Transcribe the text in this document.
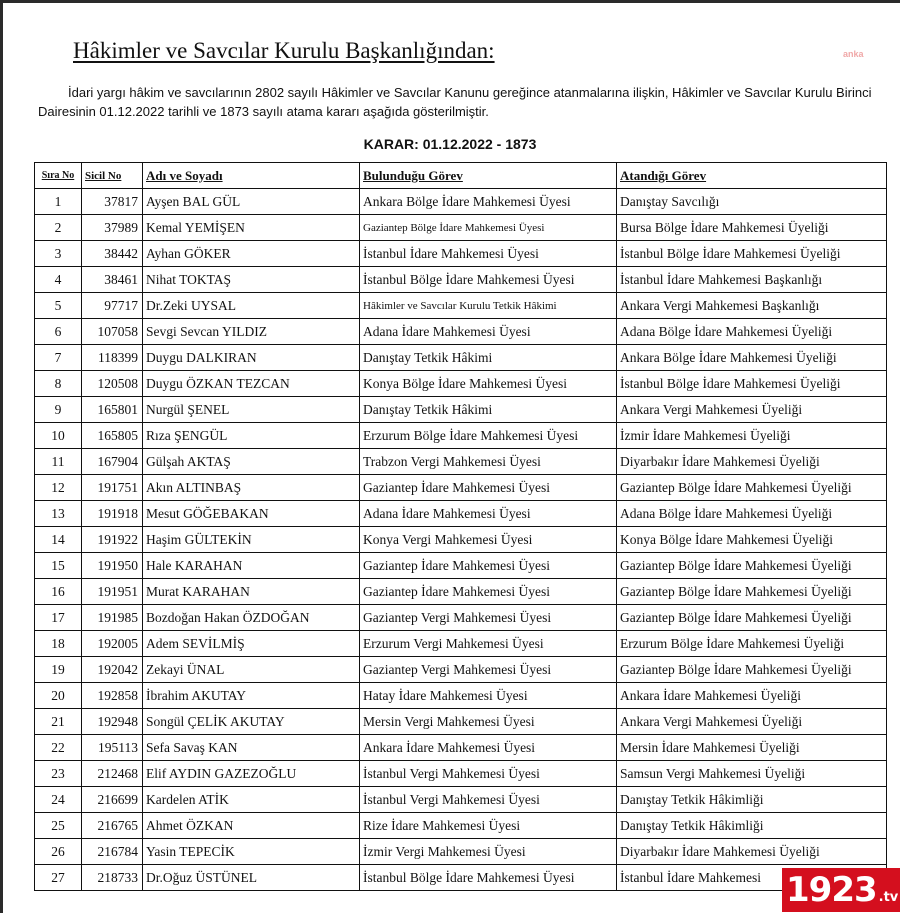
Hâkimler ve Savcılar Kurulu Başkanlığından:	anka
İdari yargı hâkim ve savcılarının 2802 sayılı Hâkimler ve Savcılar Kanunu gereğince atanmalarına ilişkin, Hâkimler ve Savcılar Kurulu Birinci Dairesinin 01.12.2022 tarihli ve 1873 sayılı atama kararı aşağıda gösterilmiştir.
KARAR: 01.12.2022 - 1873
Sıra No	Sicil No	Adı ve Soyadı	Bulunduğu Görev	Atandığı Görev
1	37817	Ayşen BAL GÜL	Ankara Bölge İdare Mahkemesi Üyesi	Danıştay Savcılığı
2	37989	Kemal YEMİŞEN	Gaziantep Bölge İdare Mahkemesi Üyesi	Bursa Bölge İdare Mahkemesi Üyeliği
3	38442	Ayhan GÖKER	İstanbul İdare Mahkemesi Üyesi	İstanbul Bölge İdare Mahkemesi Üyeliği
4	38461	Nihat TOKTAŞ	İstanbul Bölge İdare Mahkemesi Üyesi	İstanbul İdare Mahkemesi Başkanlığı
5	97717	Dr.Zeki UYSAL	Hâkimler ve Savcılar Kurulu Tetkik Hâkimi	Ankara Vergi Mahkemesi Başkanlığı
6	107058	Sevgi Sevcan YILDIZ	Adana İdare Mahkemesi Üyesi	Adana Bölge İdare Mahkemesi Üyeliği
7	118399	Duygu DALKIRAN	Danıştay Tetkik Hâkimi	Ankara Bölge İdare Mahkemesi Üyeliği
8	120508	Duygu ÖZKAN TEZCAN	Konya Bölge İdare Mahkemesi Üyesi	İstanbul Bölge İdare Mahkemesi Üyeliği
9	165801	Nurgül ŞENEL	Danıştay Tetkik Hâkimi	Ankara Vergi Mahkemesi Üyeliği
10	165805	Rıza ŞENGÜL	Erzurum Bölge İdare Mahkemesi Üyesi	İzmir İdare Mahkemesi Üyeliği
11	167904	Gülşah AKTAŞ	Trabzon Vergi Mahkemesi Üyesi	Diyarbakır İdare Mahkemesi Üyeliği
12	191751	Akın ALTINBAŞ	Gaziantep İdare Mahkemesi Üyesi	Gaziantep Bölge İdare Mahkemesi Üyeliği
13	191918	Mesut GÖĞEBAKAN	Adana İdare Mahkemesi Üyesi	Adana Bölge İdare Mahkemesi Üyeliği
14	191922	Haşim GÜLTEKİN	Konya Vergi Mahkemesi Üyesi	Konya Bölge İdare Mahkemesi Üyeliği
15	191950	Hale KARAHAN	Gaziantep İdare Mahkemesi Üyesi	Gaziantep Bölge İdare Mahkemesi Üyeliği
16	191951	Murat KARAHAN	Gaziantep İdare Mahkemesi Üyesi	Gaziantep Bölge İdare Mahkemesi Üyeliği
17	191985	Bozdoğan Hakan ÖZDOĞAN	Gaziantep Vergi Mahkemesi Üyesi	Gaziantep Bölge İdare Mahkemesi Üyeliği
18	192005	Adem SEVİLMİŞ	Erzurum Vergi Mahkemesi Üyesi	Erzurum Bölge İdare Mahkemesi Üyeliği
19	192042	Zekayi ÜNAL	Gaziantep Vergi Mahkemesi Üyesi	Gaziantep Bölge İdare Mahkemesi Üyeliği
20	192858	İbrahim AKUTAY	Hatay İdare Mahkemesi Üyesi	Ankara İdare Mahkemesi Üyeliği
21	192948	Songül ÇELİK AKUTAY	Mersin Vergi Mahkemesi Üyesi	Ankara Vergi Mahkemesi Üyeliği
22	195113	Sefa Savaş KAN	Ankara İdare Mahkemesi Üyesi	Mersin İdare Mahkemesi Üyeliği
23	212468	Elif AYDIN GAZEZOĞLU	İstanbul Vergi Mahkemesi Üyesi	Samsun Vergi Mahkemesi Üyeliği
24	216699	Kardelen ATİK	İstanbul Vergi Mahkemesi Üyesi	Danıştay Tetkik Hâkimliği
25	216765	Ahmet ÖZKAN	Rize İdare Mahkemesi Üyesi	Danıştay Tetkik Hâkimliği
26	216784	Yasin TEPECİK	İzmir Vergi Mahkemesi Üyesi	Diyarbakır İdare Mahkemesi Üyeliği
27	218733	Dr.Oğuz ÜSTÜNEL	İstanbul Bölge İdare Mahkemesi Üyesi	İstanbul İdare Mahkemesi 1923 .tv
